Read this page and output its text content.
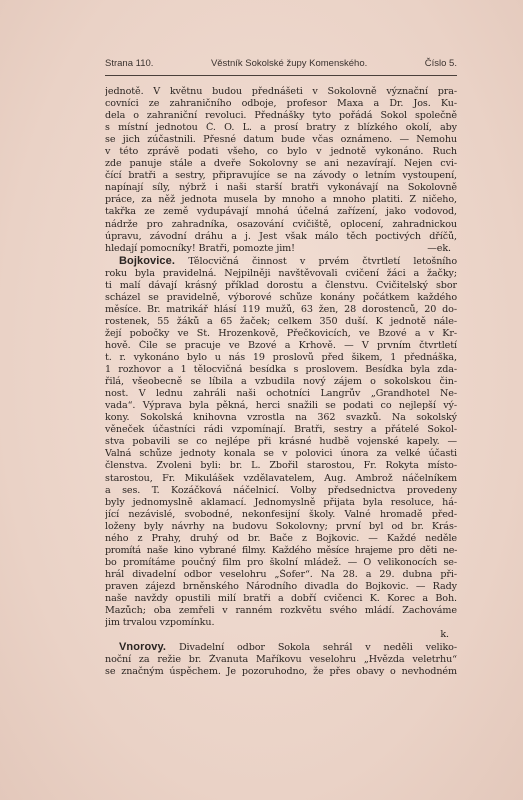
Strana 110.	Věstník Sokolské župy Komenského.	Číslo 5.

jednotě. V květnu budou přednášeti v Sokolovně význační pra-
covníci ze zahraničního odboje, profesor Maxa a Dr. Jos. Ku-
dela o zahraniční revoluci. Přednášky tyto pořádá Sokol společně
s místní jednotou Č. O. L. a prosí bratry z blízkého okolí, aby
se jich zúčastnili. Přesné datum bude včas oznámeno. — Nemohu
v této zprávě podati všeho, co bylo v jednotě vykonáno. Ruch
zde panuje stále a dveře Sokolovny se ani nezavírají. Nejen cvi-
čící bratři a sestry, připravujíce se na závody o letním vystoupení,
napínají síly, nýbrž i naši starší bratři vykonávají na Sokolovně
práce, za něž jednota musela by mnoho a mnoho platiti. Z ničeho,
takřka ze země vydupávají mnohá účelná zařízení, jako vodovod,
nádrže pro zahradníka, osazování cvičiště, oplocení, zahradnickou
úpravu, závodní dráhu a j. Jest však málo těch poctivých dříčů,
hledají pomocníky! Bratři, pomozte jim!	—ek.

Bojkovice. Tělocvičná činnost v prvém čtvrtletí letošního
roku byla pravidelná. Nejpilněji navštěvovali cvičení žáci a žačky;
ti malí dávají krásný příklad dorostu a členstvu. Cvičitelský sbor
scházel se pravidelně, výborové schůze konány počátkem každého
měsíce. Br. matrikář hlásí 119 mužů, 63 žen, 28 dorostenců, 20 do-
rostenek, 55 žáků a 65 žaček; celkem 350 duší. K jednotě nále-
žejí pobočky ve St. Hrozenkově, Přečkovicích, ve Bzové a v Kr-
hově. Čile se pracuje ve Bzové a Krhově. — V prvním čtvrtletí
t. r. vykonáno bylo u nás 19 proslovů před šikem, 1 přednáška,
1 rozhovor a 1 tělocvičná besídka s proslovem. Besídka byla zda-
řilá, všeobecně se líbila a vzbudila nový zájem o sokolskou čin-
nost. V lednu zahráli naši ochotníci Langrův „Grandhotel Ne-
vada“. Výprava byla pěkná, herci snažili se podati co nejlepší vý-
kony. Sokolská knihovna vzrostla na 362 svazků. Na sokolský
věneček účastníci rádi vzpomínají. Bratři, sestry a přátelé Sokol-
stva pobavili se co nejlépe při krásné hudbě vojenské kapely. —
Valná schůze jednoty konala se v polovici února za velké účasti
členstva. Zvoleni byli: br. L. Zbořil starostou, Fr. Rokyta místo-
starostou, Fr. Mikulášek vzdělavatelem, Aug. Ambrož náčelníkem
a ses. T. Kozáčková náčelnicí. Volby předsednictva provedeny
byly jednomyslně aklamací. Jednomyslně přijata byla resoluce, há-
jící nezávislé, svobodné, nekonfesijní školy. Valné hromadě před-
loženy byly návrhy na budovu Sokolovny; první byl od br. Krás-
ného z Prahy, druhý od br. Bače z Bojkovic. — Každé neděle
promítá naše kino vybrané filmy. Každého měsíce hrajeme pro děti ne-
bo promítáme poučný film pro školní mládež. — O velikonocích se-
hrál divadelní odbor veselohru „Šofer“. Na 28. a 29. dubna při-
praven zájezd brněnského Národního divadla do Bojkovic. — Rady
naše navždy opustili milí bratři a dobří cvičenci K. Korec a Boh.
Mazůch; oba zemřeli v ranném rozkvětu svého mládí. Zachováme
jim trvalou vzpomínku.
k.

Vnorovy. Divadelní odbor Sokola sehrál v neděli veliko-
noční za režie br. Žvanuta Maříkovu veselohru „Hvězda veletrhu“
se značným úspěchem. Je pozoruhodno, že přes obavy o nevhodném
